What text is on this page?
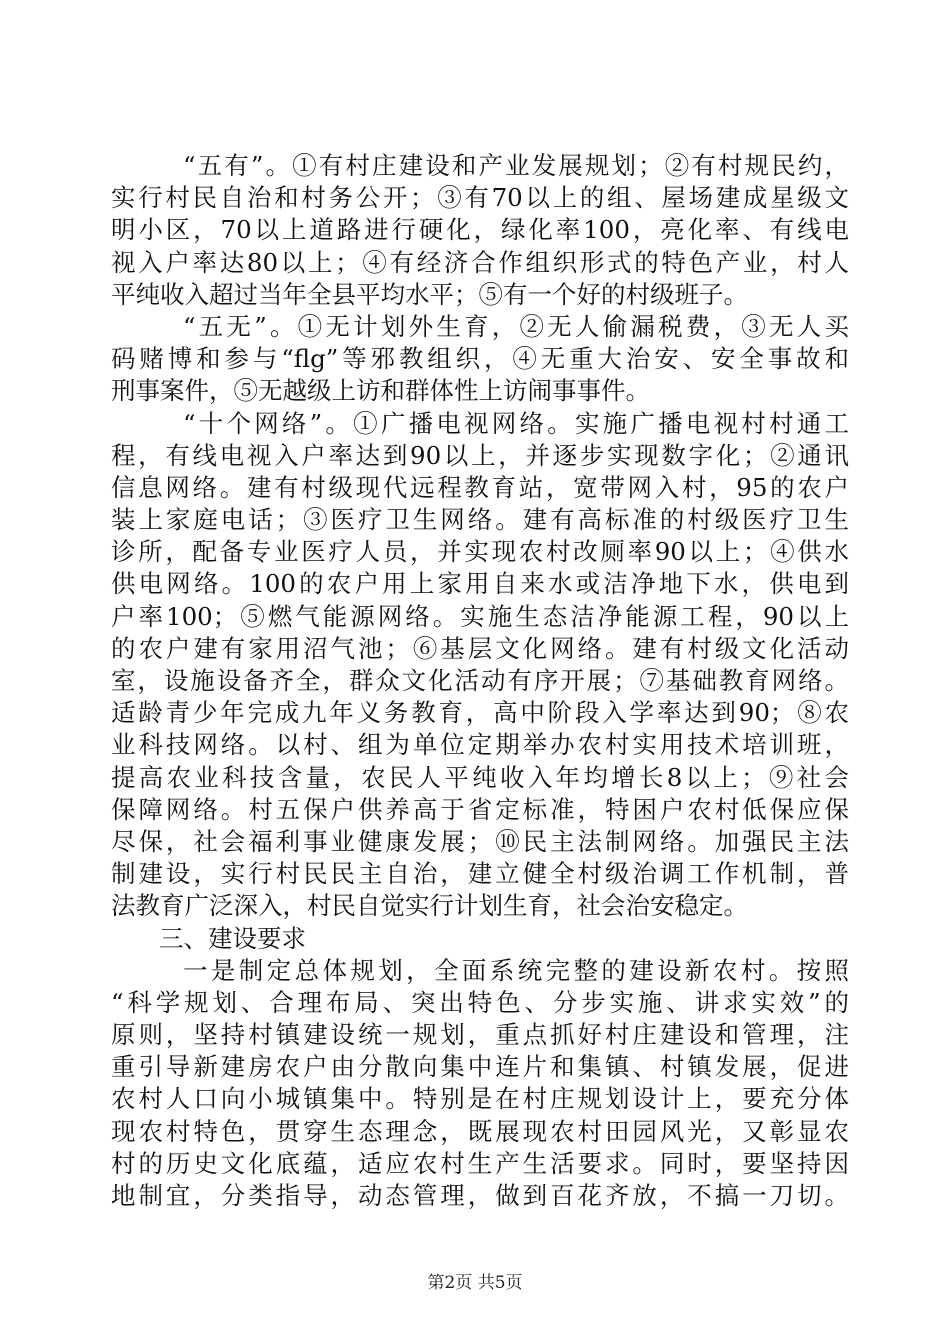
“五有”。①有村庄建设和产业发展规划；②有村规民约，
实行村民自治和村务公开；③有70以上的组、屋场建成星级文
明小区，70以上道路进行硬化，绿化率100，亮化率、有线电
视入户率达80以上；④有经济合作组织形式的特色产业，村人
平纯收入超过当年全县平均水平；⑤有一个好的村级班子。
“五无”。①无计划外生育，②无人偷漏税费，③无人买
码赌博和参与“flg”等邪教组织，④无重大治安、安全事故和
刑事案件，⑤无越级上访和群体性上访闹事事件。
“十个网络”。①广播电视网络。实施广播电视村村通工
程，有线电视入户率达到90以上，并逐步实现数字化；②通讯
信息网络。建有村级现代远程教育站，宽带网入村，95的农户
装上家庭电话；③医疗卫生网络。建有高标准的村级医疗卫生
诊所，配备专业医疗人员，并实现农村改厕率90以上；④供水
供电网络。100的农户用上家用自来水或洁净地下水，供电到
户率100；⑤燃气能源网络。实施生态洁净能源工程，90以上
的农户建有家用沼气池；⑥基层文化网络。建有村级文化活动
室，设施设备齐全，群众文化活动有序开展；⑦基础教育网络。
适龄青少年完成九年义务教育，高中阶段入学率达到90；⑧农
业科技网络。以村、组为单位定期举办农村实用技术培训班，
提高农业科技含量，农民人平纯收入年均增长8以上；⑨社会
保障网络。村五保户供养高于省定标准，特困户农村低保应保
尽保，社会福利事业健康发展；⑩民主法制网络。加强民主法
制建设，实行村民民主自治，建立健全村级治调工作机制，普
法教育广泛深入，村民自觉实行计划生育，社会治安稳定。
三、建设要求
一是制定总体规划，全面系统完整的建设新农村。按照
“科学规划、合理布局、突出特色、分步实施、讲求实效”的
原则，坚持村镇建设统一规划，重点抓好村庄建设和管理，注
重引导新建房农户由分散向集中连片和集镇、村镇发展，促进
农村人口向小城镇集中。特别是在村庄规划设计上，要充分体
现农村特色，贯穿生态理念，既展现农村田园风光，又彰显农
村的历史文化底蕴，适应农村生产生活要求。同时，要坚持因
地制宜，分类指导，动态管理，做到百花齐放，不搞一刀切。
第2页 共5页
